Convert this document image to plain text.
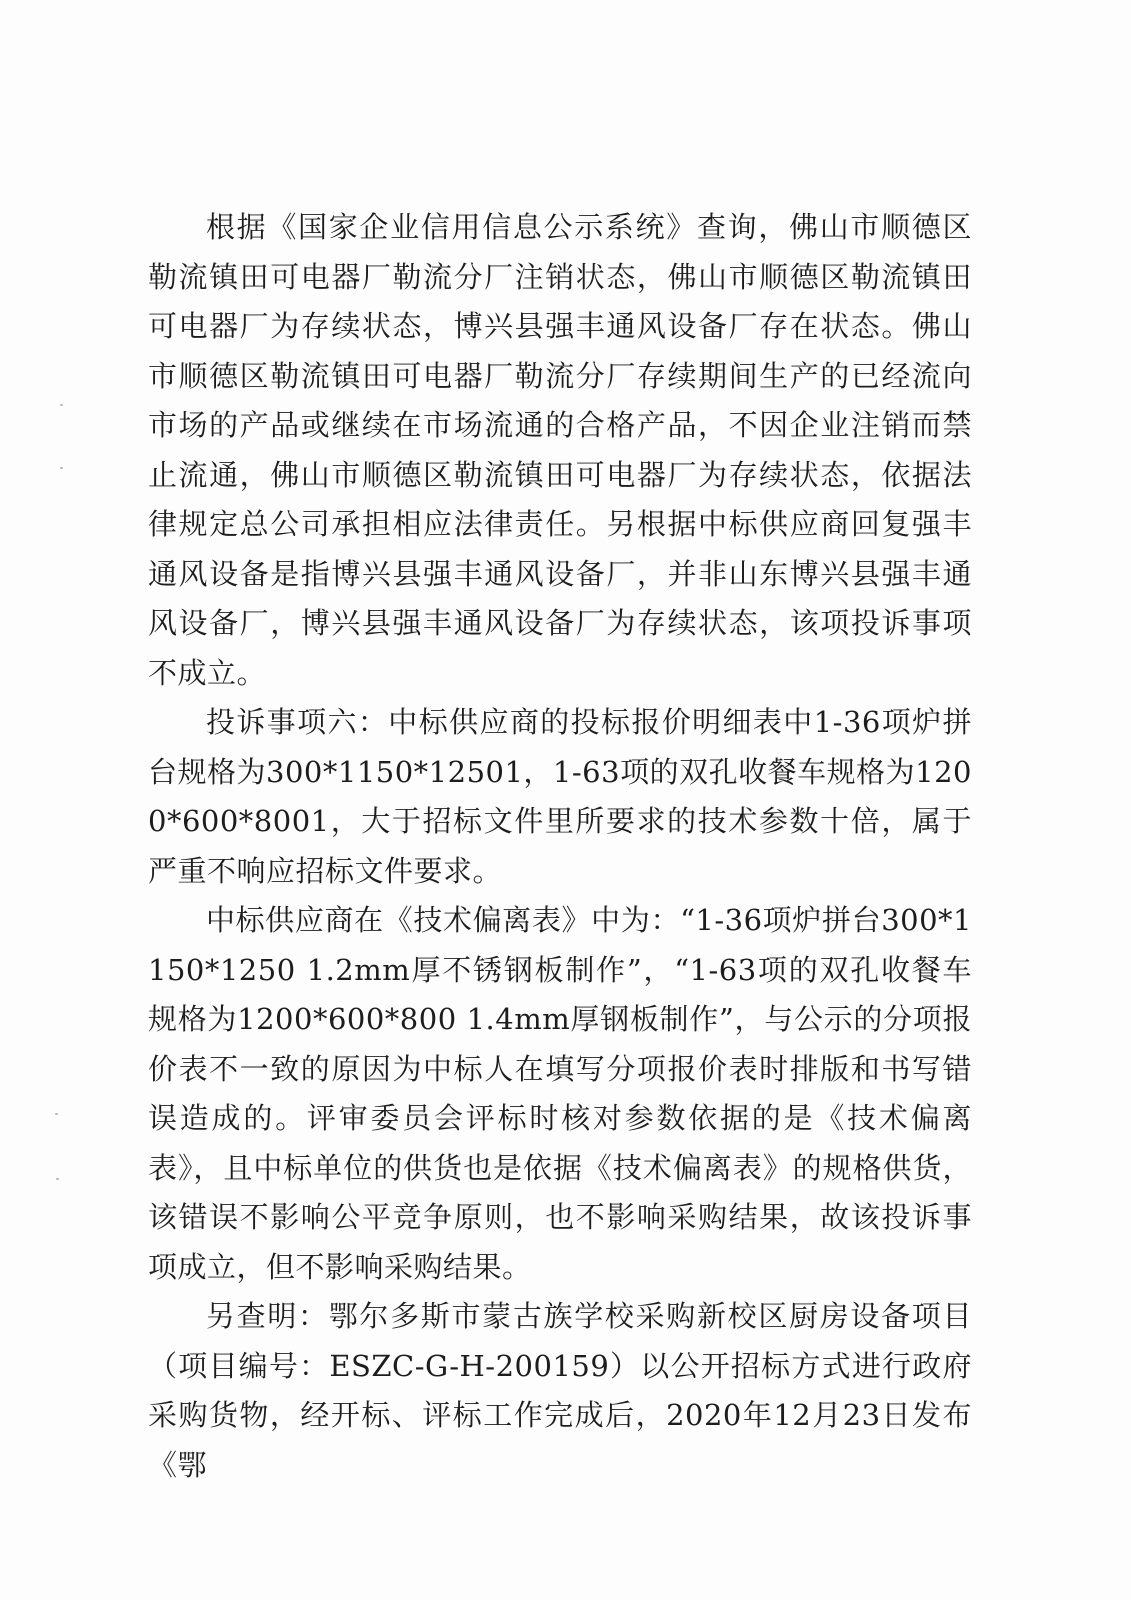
根据《国家企业信用信息公示系统》查询，佛山市顺德区勒流镇田可电器厂勒流分厂注销状态，佛山市顺德区勒流镇田可电器厂为存续状态，博兴县强丰通风设备厂存在状态。佛山市顺德区勒流镇田可电器厂勒流分厂存续期间生产的已经流向市场的产品或继续在市场流通的合格产品，不因企业注销而禁止流通，佛山市顺德区勒流镇田可电器厂为存续状态，依据法律规定总公司承担相应法律责任。另根据中标供应商回复强丰通风设备是指博兴县强丰通风设备厂，并非山东博兴县强丰通风设备厂，博兴县强丰通风设备厂为存续状态，该项投诉事项不成立。

投诉事项六：中标供应商的投标报价明细表中1-36项炉拼台规格为300*1150*12501，1-63项的双孔收餐车规格为1200*600*8001，大于招标文件里所要求的技术参数十倍，属于严重不响应招标文件要求。

中标供应商在《技术偏离表》中为：“1-36项炉拼台300*1150*1250 1.2mm厚不锈钢板制作”，“1-63项的双孔收餐车规格为1200*600*800 1.4mm厚钢板制作”，与公示的分项报价表不一致的原因为中标人在填写分项报价表时排版和书写错误造成的。评审委员会评标时核对参数依据的是《技术偏离表》，且中标单位的供货也是依据《技术偏离表》的规格供货，该错误不影响公平竞争原则，也不影响采购结果，故该投诉事项成立，但不影响采购结果。

另查明：鄂尔多斯市蒙古族学校采购新校区厨房设备项目（项目编号：ESZC-G-H-200159）以公开招标方式进行政府采购货物，经开标、评标工作完成后，2020年12月23日发布《鄂
